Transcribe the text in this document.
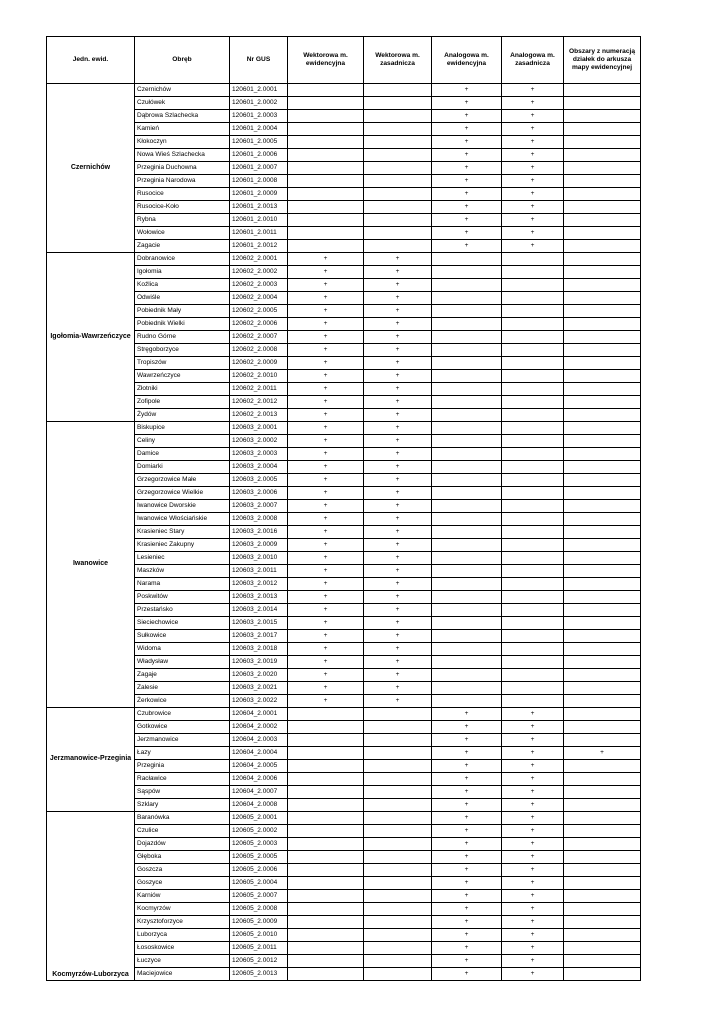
Jedn. ewid.	Obręb	Nr GUS	Wektorowa m. ewidencyjna	Wektorowa m. zasadnicza	Analogowa m. ewidencyjna	Analogowa m. zasadnicza	Obszary z numeracją działek do arkusza mapy ewidencyjnej
Czernichów	Czernichów	120601_2.0001			+	+	
	Czułówek	120601_2.0002			+	+	
	Dąbrowa Szlachecka	120601_2.0003			+	+	
	Kamień	120601_2.0004			+	+	
	Kłokoczyn	120601_2.0005			+	+	
	Nowa Wieś Szlachecka	120601_2.0006			+	+	
	Przeginia Duchowna	120601_2.0007			+	+	
	Przeginia Narodowa	120601_2.0008			+	+	
	Rusocice	120601_2.0009			+	+	
	Rusocice-Koło	120601_2.0013			+	+	
	Rybna	120601_2.0010			+	+	
	Wołowice	120601_2.0011			+	+	
	Zagacie	120601_2.0012			+	+	
Igołomia-Wawrzeńczyce	Dobranowice	120602_2.0001	+	+			
	Igołomia	120602_2.0002	+	+			
	Koźlica	120602_2.0003	+	+			
	Odwiśle	120602_2.0004	+	+			
	Pobiednik Mały	120602_2.0005	+	+			
	Pobiednik Wielki	120602_2.0006	+	+			
	Rudno Górne	120602_2.0007	+	+			
	Stręgoborzyce	120602_2.0008	+	+			
	Tropiszów	120602_2.0009	+	+			
	Wawrzeńczyce	120602_2.0010	+	+			
	Złotniki	120602_2.0011	+	+			
	Zofipole	120602_2.0012	+	+			
	Żydów	120602_2.0013	+	+			
Iwanowice	Biskupice	120603_2.0001	+	+			
	Celiny	120603_2.0002	+	+			
	Damice	120603_2.0003	+	+			
	Domiarki	120603_2.0004	+	+			
	Grzegorzowice Małe	120603_2.0005	+	+			
	Grzegorzowice Wielkie	120603_2.0006	+	+			
	Iwanowice Dworskie	120603_2.0007	+	+			
	Iwanowice Włościańskie	120603_2.0008	+	+			
	Krasieniec Stary	120603_2.0016	+	+			
	Krasieniec Zakupny	120603_2.0009	+	+			
	Lesieniec	120603_2.0010	+	+			
	Maszków	120603_2.0011	+	+			
	Narama	120603_2.0012	+	+			
	Poskwitów	120603_2.0013	+	+			
	Przestańsko	120603_2.0014	+	+			
	Sieciechowice	120603_2.0015	+	+			
	Sułkowice	120603_2.0017	+	+			
	Widoma	120603_2.0018	+	+			
	Władysław	120603_2.0019	+	+			
	Zagaje	120603_2.0020	+	+			
	Zalesie	120603_2.0021	+	+			
	Żerkowice	120603_2.0022	+	+			
Jerzmanowice-Przeginia	Czubrowice	120604_2.0001			+	+	
	Gotkowice	120604_2.0002			+	+	
	Jerzmanowice	120604_2.0003			+	+	
	Łazy	120604_2.0004			+	+	+
	Przeginia	120604_2.0005			+	+	
	Racławice	120604_2.0006			+	+	
	Sąspów	120604_2.0007			+	+	
	Szklary	120604_2.0008			+	+	
Kocmyrzów-Luborzyca	Baranówka	120605_2.0001			+	+	
	Czulice	120605_2.0002			+	+	
	Dojazdów	120605_2.0003			+	+	
	Głęboka	120605_2.0005			+	+	
	Goszcza	120605_2.0006			+	+	
	Goszyce	120605_2.0004			+	+	
	Karniów	120605_2.0007			+	+	
	Kocmyrzów	120605_2.0008			+	+	
	Krzysztoforzyce	120605_2.0009			+	+	
	Luborzyca	120605_2.0010			+	+	
	Łososkowice	120605_2.0011			+	+	
	Łuczyce	120605_2.0012			+	+	
	Maciejowice	120605_2.0013			+	+	
